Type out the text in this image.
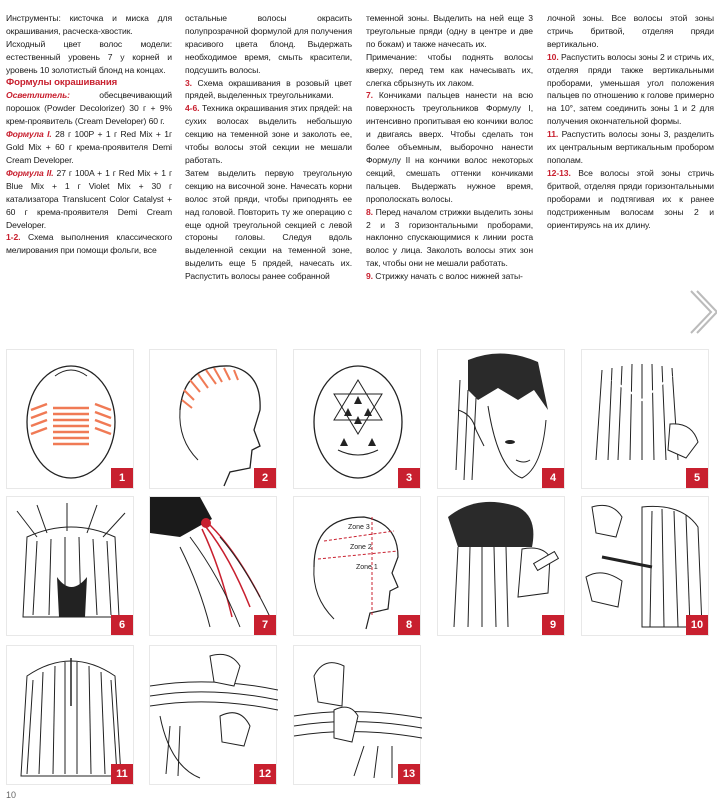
Инструменты: кисточка и миска для окрашивания, расческа-хвостик.

Исходный цвет волос модели: естественный уровень 7 у корней и уровень 10 золотистый блонд на концах.

Формулы окрашивания

Осветлитель: обесцвечивающий порошок (Powder Decolorizer) 30 г + 9% крем-проявитель (Cream Developer) 60 г.

Формула I. 28 г 100P + 1 г Red Mix + 1г Gold Mix + 60 г крема-проявителя Demi Cream Developer.

Формула II. 27 г 100A + 1 г Red Mix + 1 г Blue Mix + 1 г Violet Mix + 30 г катализатора Translucent Color Catalyst + 60 г крема-проявителя Demi Cream Developer.

1-2. Схема выполнения классического мелирования при помощи фольги, все

остальные волосы окрасить полупрозрачной формулой для получения красивого цвета блонд. Выдержать необходимое время, смыть красители, подсушить волосы.

3. Схема окрашивания в розовый цвет прядей, выделенных треугольниками.

4-6. Техника окрашивания этих прядей: на сухих волосах выделить небольшую секцию на теменной зоне и заколоть ее, чтобы волосы этой секции не мешали работать.

Затем выделить первую треугольную секцию на височной зоне. Начесать корни волос этой пряди, чтобы приподнять ее над головой. Повторить ту же операцию с еще одной треугольной секцией с левой стороны головы. Следуя вдоль выделенной секции на теменной зоне, выделить еще 5 прядей, начесать их. Распустить волосы ранее собранной

теменной зоны. Выделить на ней еще 3 треугольные пряди (одну в центре и две по бокам) и также начесать их.

Примечание: чтобы поднять волосы кверху, перед тем как начесывать их, слегка сбрызнуть их лаком.

7. Кончиками пальцев нанести на всю поверхность треугольников Формулу I, интенсивно пропитывая ею кончики волос и двигаясь вверх. Чтобы сделать тон более объемным, выборочно нанести Формулу II на кончики волос некоторых секций, смешать оттенки кончиками пальцев. Выдержать нужное время, прополоскать волосы.

8. Перед началом стрижки выделить зоны 2 и 3 горизонтальными проборами, наклонно спускающимися к линии роста волос у лица. Заколоть волосы этих зон так, чтобы они не мешали работать.

9. Стрижку начать с волос нижней заты-

лочной зоны. Все волосы этой зоны стричь бритвой, отделяя пряди вертикально.

10. Распустить волосы зоны 2 и стричь их, отделяя пряди также вертикальными проборами, уменьшая угол положения пальцев по отношению к голове примерно на 10°, затем соединить зоны 1 и 2 для получения окончательной формы.

11. Распустить волосы зоны 3, разделить их центральным вертикальным пробором пополам.

12-13. Все волосы этой зоны стричь бритвой, отделяя пряди горизонтальными проборами и подтягивая их к ранее подстриженным волосам зоны 2 и ориентируясь на их длину.

1	2	3	4	5
6	7
Zone 3
Zone 2
Zone 1
8	9	10
11	12	13
10
